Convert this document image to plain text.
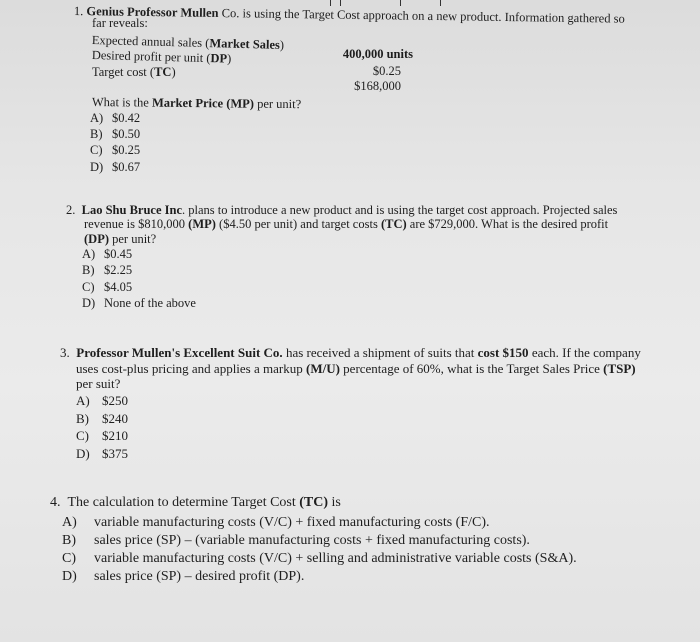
1. Genius Professor Mullen Co. is using the Target Cost approach on a new product. Information gathered so
far reveals:
Expected annual sales (Market Sales)
400,000 units
Desired profit per unit (DP)
$0.25
Target cost (TC)
$168,000
What is the Market Price (MP) per unit?
A) $0.42
B) $0.50
C) $0.25
D) $0.67
2. Lao Shu Bruce Inc. plans to introduce a new product and is using the target cost approach. Projected sales
revenue is $810,000 (MP) ($4.50 per unit) and target costs (TC) are $729,000. What is the desired profit
(DP) per unit?
A) $0.45
B) $2.25
C) $4.05
D) None of the above
3. Professor Mullen's Excellent Suit Co. has received a shipment of suits that cost $150 each. If the company
uses cost-plus pricing and applies a markup (M/U) percentage of 60%, what is the Target Sales Price (TSP)
per suit?
A) $250
B) $240
C) $210
D) $375
4. The calculation to determine Target Cost (TC) is
A) variable manufacturing costs (V/C) + fixed manufacturing costs (F/C).
B) sales price (SP) – (variable manufacturing costs + fixed manufacturing costs).
C) variable manufacturing costs (V/C) + selling and administrative variable costs (S&A).
D) sales price (SP) – desired profit (DP).
